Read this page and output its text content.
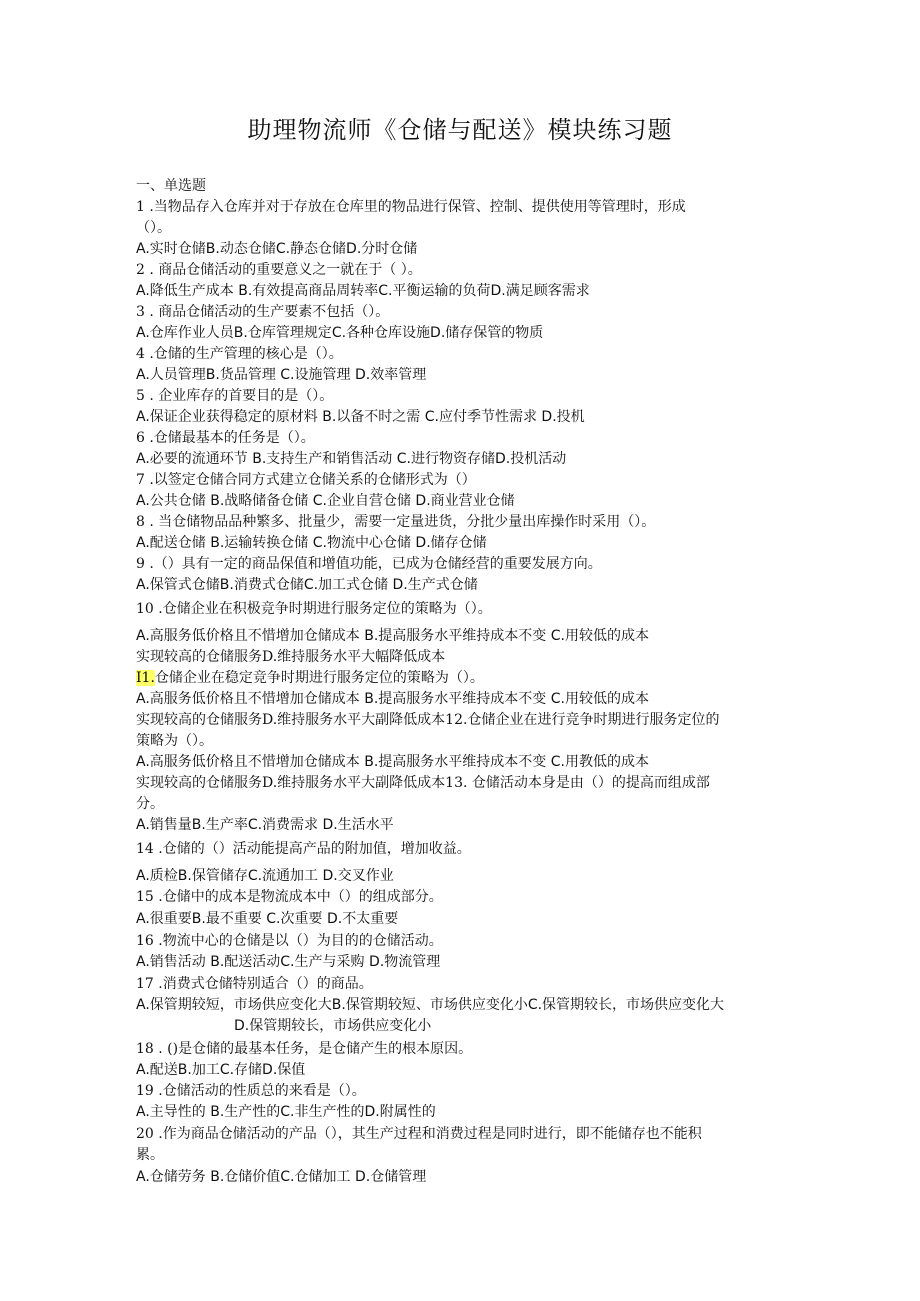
助理物流师《仓储与配送》模块练习题
一、单选题
1 .当物品存入仓库并对于存放在仓库里的物品进行保管、控制、提供使用等管理时，形成
（）。
A.实时仓储B.动态仓储C.静态仓储D.分时仓储
2 . 商品仓储活动的重要意义之一就在于（ ）。
A.降低生产成本 B.有效提高商品周转率C.平衡运输的负荷D.满足顾客需求
3 . 商品仓储活动的生产要素不包括（）。
A.仓库作业人员B.仓库管理规定C.各种仓库设施D.储存保管的物质
4 .仓储的生产管理的核心是（）。
A.人员管理B.货品管理 C.设施管理 D.效率管理
5 . 企业库存的首要目的是（）。
A.保证企业获得稳定的原材料 B.以备不时之需 C.应付季节性需求 D.投机
6 .仓储最基本的任务是（）。
A.必要的流通环节 B.支持生产和销售活动 C.进行物资存储D.投机活动
7 .以签定仓储合同方式建立仓储关系的仓储形式为（）
A.公共仓储 B.战略储备仓储 C.企业自营仓储 D.商业营业仓储
8 . 当仓储物品品种繁多、批量少，需要一定量进货，分批少量出库操作时采用（）。
A.配送仓储 B.运输转换仓储 C.物流中心仓储 D.储存仓储
9 .（）具有一定的商品保值和增值功能，已成为仓储经营的重要发展方向。
A.保管式仓储B.消费式仓储C.加工式仓储 D.生产式仓储
10 .仓储企业在积极竞争时期进行服务定位的策略为（）。
A.高服务低价格且不惜增加仓储成本 B.提高服务水平维持成本不变 C.用较低的成本
实现较高的仓储服务D.维持服务水平大幅降低成本
I1.仓储企业在稳定竞争时期进行服务定位的策略为（）。
A.高服务低价格且不惜增加仓储成本 B.提高服务水平维持成本不变 C.用较低的成本
实现较高的仓储服务D.维持服务水平大副降低成本12.仓储企业在进行竞争时期进行服务定位的
策略为（）。
A.高服务低价格且不惜增加仓储成本 B.提高服务水平维持成本不变 C.用教低的成本
实现较高的仓储服务D.维持服务水平大副降低成本13. 仓储活动本身是由（）的提高而组成部
分。
A.销售量B.生产率C.消费需求 D.生活水平
14 .仓储的（）活动能提高产品的附加值，增加收益。
A.质检B.保管储存C.流通加工 D.交叉作业
15 .仓储中的成本是物流成本中（）的组成部分。
A.很重要B.最不重要 C.次重要 D.不太重要
16 .物流中心的仓储是以（）为目的的仓储活动。
A.销售活动 B.配送活动C.生产与采购 D.物流管理
17 .消费式仓储特别适合（）的商品。
A.保管期较短，市场供应变化大B.保管期较短、市场供应变化小C.保管期较长，市场供应变化大
D.保管期较长，市场供应变化小
18 . ()是仓储的最基本任务，是仓储产生的根本原因。
A.配送B.加工C.存储D.保值
19 .仓储活动的性质总的来看是（）。
A.主导性的 B.生产性的C.非生产性的D.附属性的
20 .作为商品仓储活动的产品（），其生产过程和消费过程是同时进行，即不能储存也不能积
累。
A.仓储劳务 B.仓储价值C.仓储加工 D.仓储管理
